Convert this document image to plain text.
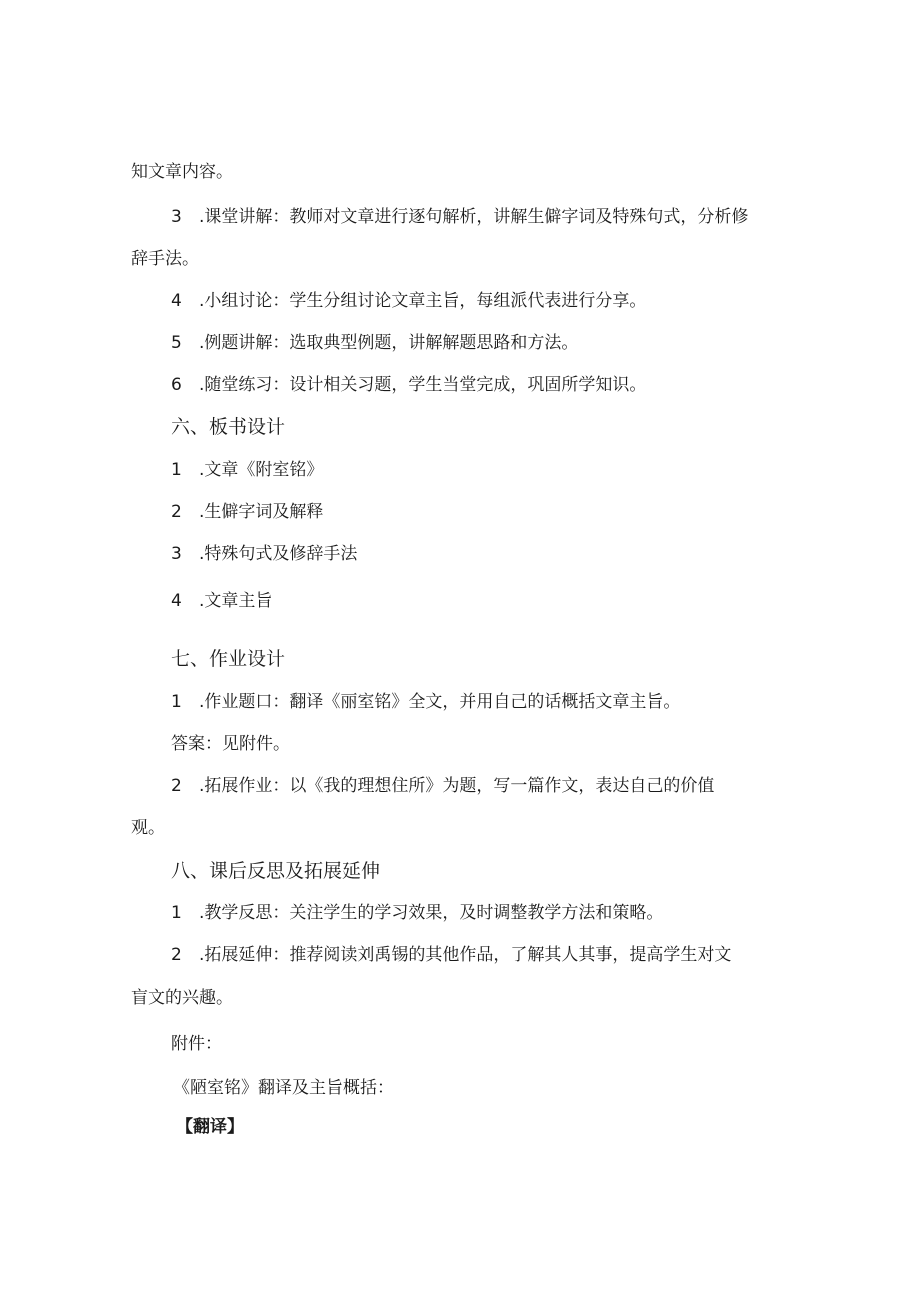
知文章内容。
3 .课堂讲解：教师对文章进行逐句解析，讲解生僻字词及特殊句式，分析修
辞手法。
4 .小组讨论：学生分组讨论文章主旨，每组派代表进行分享。
5 .例题讲解：选取典型例题，讲解解题思路和方法。
6 .随堂练习：设计相关习题，学生当堂完成，巩固所学知识。
六、板书设计
1 .文章《附室铭》
2 .生僻字词及解释
3 .特殊句式及修辞手法
4 .文章主旨
七、作业设计
1 .作业题口：翻译《丽室铭》全文，并用自己的话概括文章主旨。
答案：见附件。
2 .拓展作业：以《我的理想住所》为题，写一篇作文，表达自己的价值
观。
八、课后反思及拓展延伸
1 .教学反思：关注学生的学习效果，及时调整教学方法和策略。
2 .拓展延伸：推荐阅读刘禹锡的其他作品，了解其人其事，提高学生对文
盲文的兴趣。
附件：
《陋室铭》翻译及主旨概括：
【翻译】
